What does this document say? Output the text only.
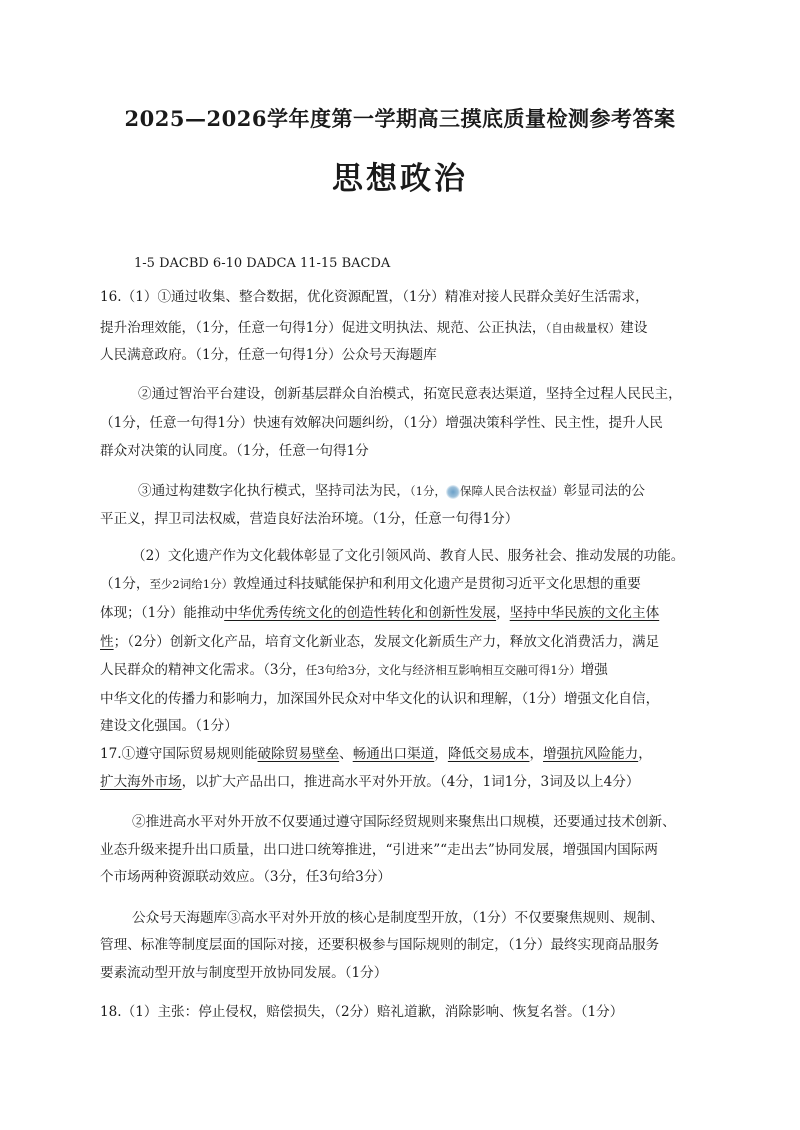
2025—2026学年度第一学期高三摸底质量检测参考答案
思想政治
1-5 DACBD 6-10 DADCA 11-15 BACDA
16.（1）①通过收集、整合数据，优化资源配置，（1分）精准对接人民群众美好生活需求，
提升治理效能，（1分，任意一句得1分）促进文明执法、规范、公正执法，（自由裁量权）建设
人民满意政府。（1分，任意一句得1分）公众号天海题库
②通过智治平台建设，创新基层群众自治模式，拓宽民意表达渠道，坚持全过程人民民主，
（1分，任意一句得1分）快速有效解决问题纠纷，（1分）增强决策科学性、民主性，提升人民
群众对决策的认同度。（1分，任意一句得1分
③通过构建数字化执行模式，坚持司法为民，（1分， 保障人民合法权益）彰显司法的公
平正义，捍卫司法权威，营造良好法治环境。（1分，任意一句得1分）
（2）文化遗产作为文化载体彰显了文化引领风尚、教育人民、服务社会、推动发展的功能。
（1分，至少2词给1分）敦煌通过科技赋能保护和利用文化遗产是贯彻习近平文化思想的重要
体现；（1分）能推动中华优秀传统文化的创造性转化和创新性发展，坚持中华民族的文化主体
性；（2分）创新文化产品，培育文化新业态，发展文化新质生产力，释放文化消费活力，满足
人民群众的精神文化需求。（3分，任3句给3分，文化与经济相互影响相互交融可得1分）增强
中华文化的传播力和影响力，加深国外民众对中华文化的认识和理解，（1分）增强文化自信，
建设文化强国。（1分）
17.①遵守国际贸易规则能破除贸易壁垒、畅通出口渠道，降低交易成本，增强抗风险能力，
扩大海外市场，以扩大产品出口，推进高水平对外开放。（4分，1词1分，3词及以上4分）
②推进高水平对外开放不仅要通过遵守国际经贸规则来聚焦出口规模，还要通过技术创新、
业态升级来提升出口质量，出口进口统筹推进，“引进来”“走出去”协同发展，增强国内国际两
个市场两种资源联动效应。（3分，任3句给3分）
公众号天海题库③高水平对外开放的核心是制度型开放，（1分）不仅要聚焦规则、规制、
管理、标准等制度层面的国际对接，还要积极参与国际规则的制定，（1分）最终实现商品服务
要素流动型开放与制度型开放协同发展。（1分）
18.（1）主张：停止侵权，赔偿损失，（2分）赔礼道歉，消除影响、恢复名誉。（1分）
